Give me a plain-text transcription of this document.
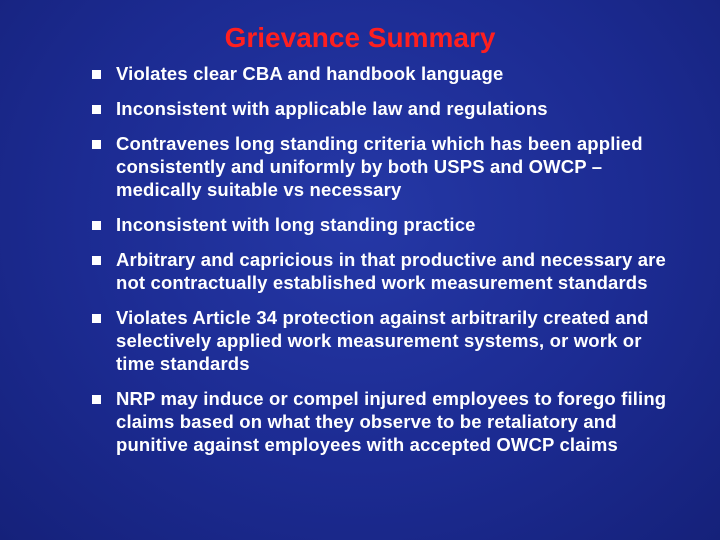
Grievance Summary
Violates clear CBA and handbook language
Inconsistent with applicable law and regulations
Contravenes long standing criteria which has been applied consistently and uniformly by both USPS and OWCP – medically suitable vs necessary
Inconsistent with long standing practice
Arbitrary and capricious in that productive and necessary are not contractually established work measurement standards
Violates Article 34 protection against arbitrarily created and selectively applied work measurement systems, or work or time standards
NRP may induce or compel injured employees to forego filing claims based on what they observe to be retaliatory and punitive against employees with accepted OWCP claims
